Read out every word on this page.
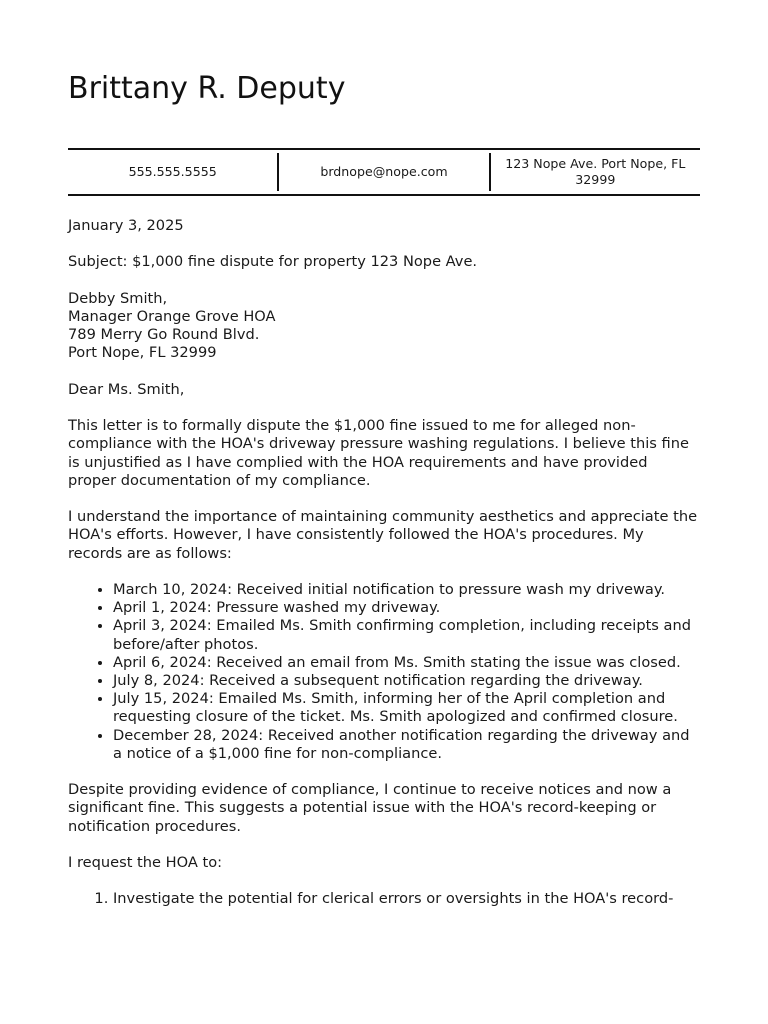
Brittany R. Deputy
555.555.5555	brdnope@nope.com
123 Nope Ave. Port Nope, FL 32999

January 3, 2025

Subject: $1,000 fine dispute for property 123 Nope Ave.

Debby Smith,
Manager Orange Grove HOA
789 Merry Go Round Blvd.
Port Nope, FL 32999

Dear Ms. Smith,

This letter is to formally dispute the $1,000 fine issued to me for alleged non-compliance with the HOA's driveway pressure washing regulations. I believe this fine is unjustified as I have complied with the HOA requirements and have provided proper documentation of my compliance.

I understand the importance of maintaining community aesthetics and appreciate the HOA's efforts. However, I have consistently followed the HOA's procedures. My records are as follows:

• March 10, 2024: Received initial notification to pressure wash my driveway.
• April 1, 2024: Pressure washed my driveway.
• April 3, 2024: Emailed Ms. Smith confirming completion, including receipts and before/after photos.
• April 6, 2024: Received an email from Ms. Smith stating the issue was closed.
• July 8, 2024: Received a subsequent notification regarding the driveway.
• July 15, 2024: Emailed Ms. Smith, informing her of the April completion and requesting closure of the ticket. Ms. Smith apologized and confirmed closure.
• December 28, 2024: Received another notification regarding the driveway and a notice of a $1,000 fine for non-compliance.

Despite providing evidence of compliance, I continue to receive notices and now a significant fine. This suggests a potential issue with the HOA's record-keeping or notification procedures.

I request the HOA to:

1. Investigate the potential for clerical errors or oversights in the HOA's record-
